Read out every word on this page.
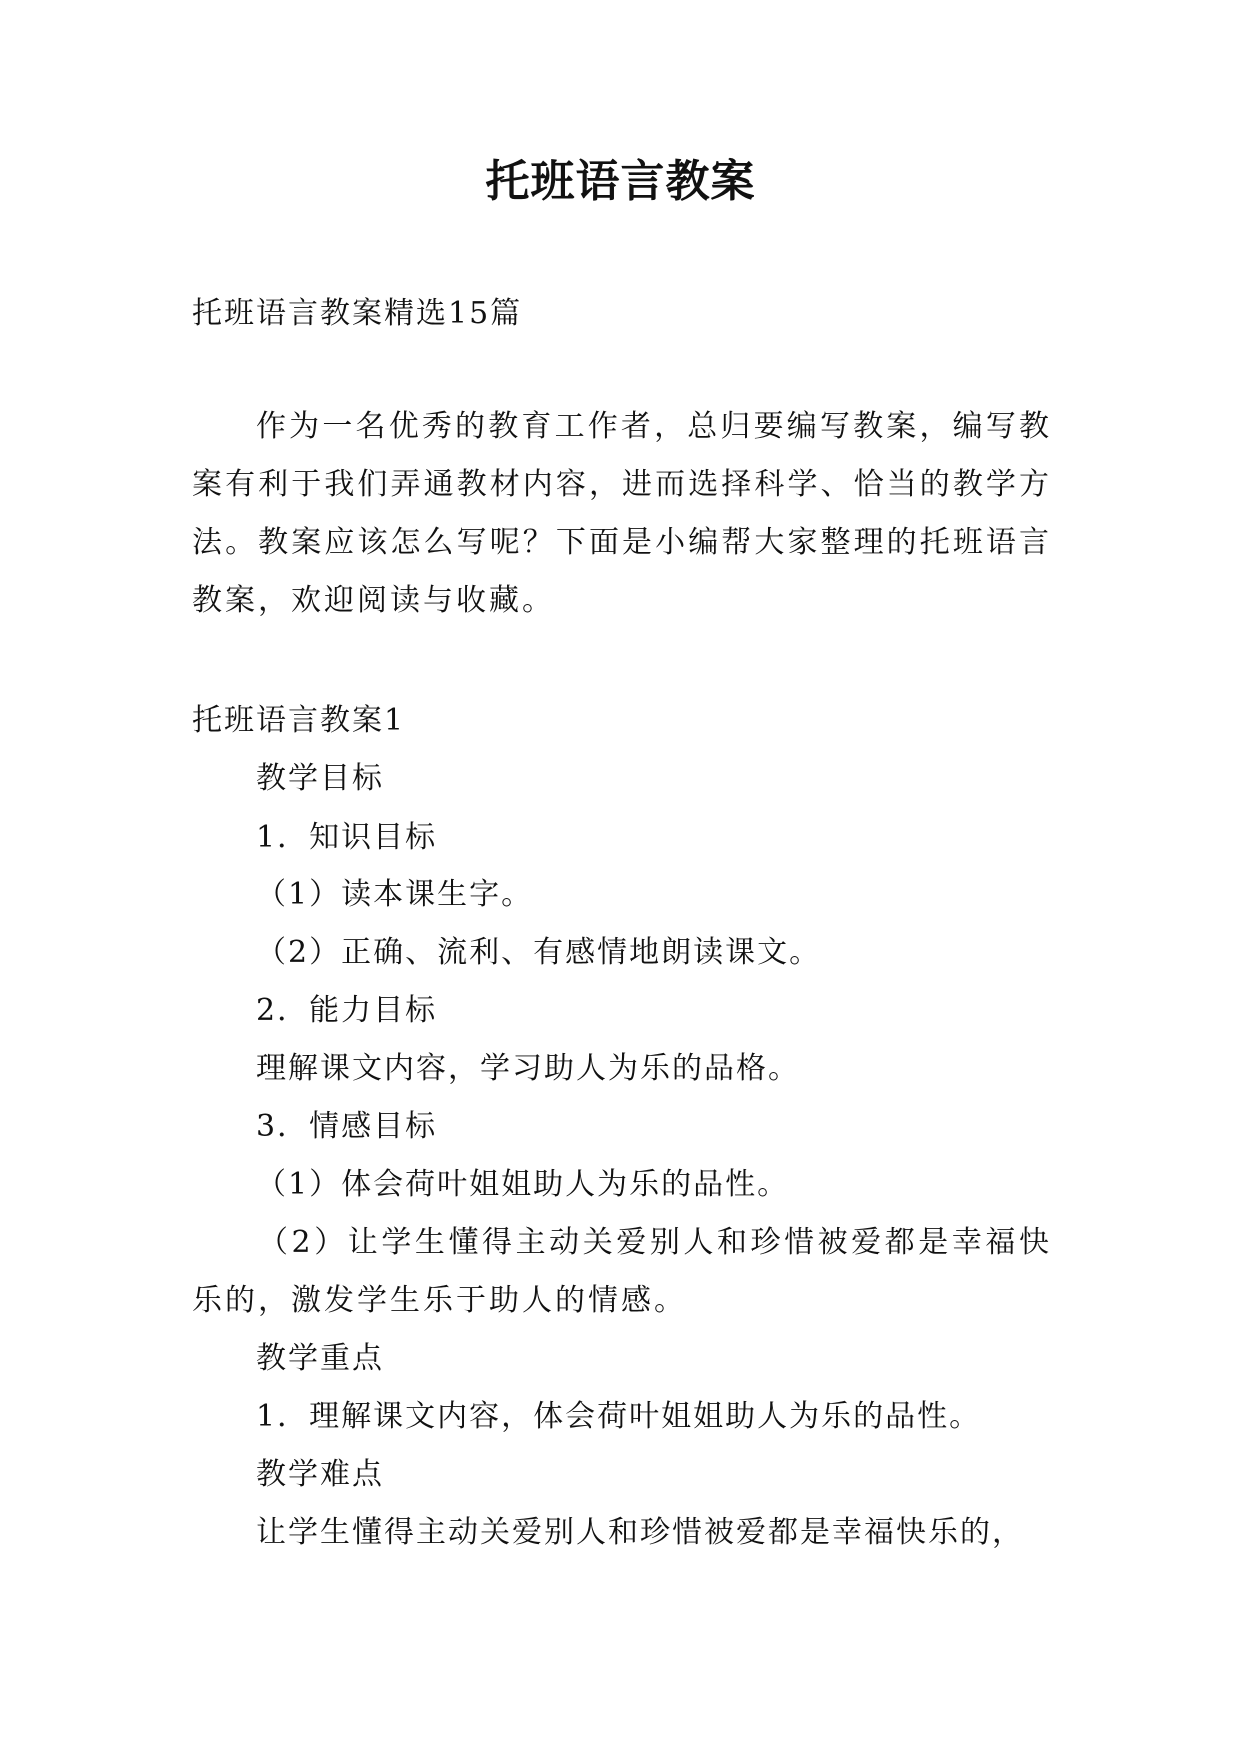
托班语言教案
托班语言教案精选15篇
作为一名优秀的教育工作者，总归要编写教案，编写教案有利于我们弄通教材内容，进而选择科学、恰当的教学方法。教案应该怎么写呢？下面是小编帮大家整理的托班语言教案，欢迎阅读与收藏。
托班语言教案1
教学目标
1．知识目标
（1）读本课生字。
（2）正确、流利、有感情地朗读课文。
2．能力目标
理解课文内容，学习助人为乐的品格。
3．情感目标
（1）体会荷叶姐姐助人为乐的品性。
（2）让学生懂得主动关爱别人和珍惜被爱都是幸福快乐的，激发学生乐于助人的情感。
教学重点
1．理解课文内容，体会荷叶姐姐助人为乐的品性。
教学难点
让学生懂得主动关爱别人和珍惜被爱都是幸福快乐的，
